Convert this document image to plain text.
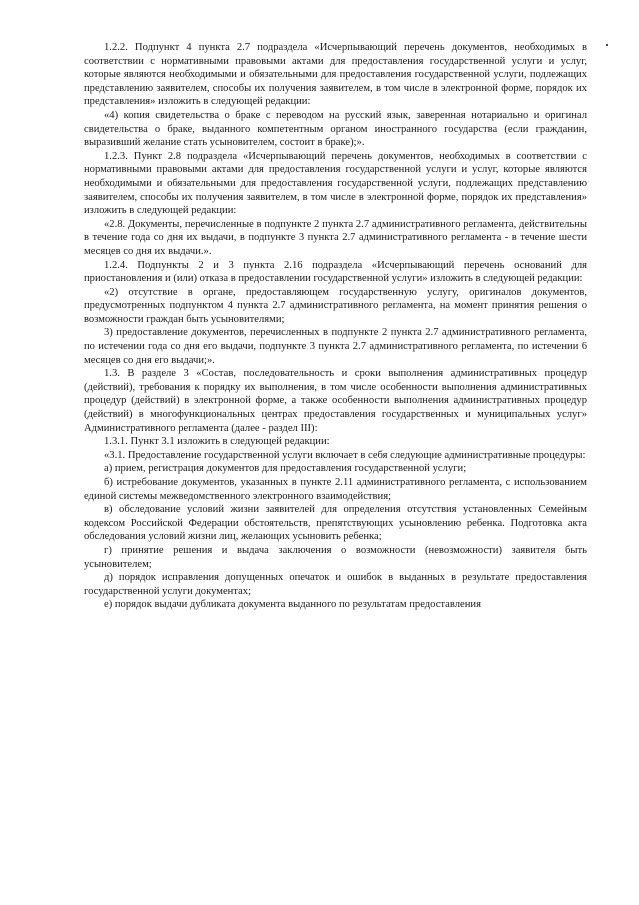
1.2.2. Подпункт 4 пункта 2.7 подраздела «Исчерпывающий перечень документов, необходимых в соответствии с нормативными правовыми актами для предоставления государственной услуги и услуг, которые являются необходимыми и обязательными для предоставления государственной услуги, подлежащих представлению заявителем, способы их получения заявителем, в том числе в электронной форме, порядок их представления» изложить в следующей редакции:

«4) копия свидетельства о браке с переводом на русский язык, заверенная нотариально и оригинал свидетельства о браке, выданного компетентным органом иностранного государства (если гражданин, выразивший желание стать усыновителем, состоит в браке);».

1.2.3. Пункт 2.8 подраздела «Исчерпывающий перечень документов, необходимых в соответствии с нормативными правовыми актами для предоставления государственной услуги и услуг, которые являются необходимыми и обязательными для предоставления государственной услуги, подлежащих представлению заявителем, способы их получения заявителем, в том числе в электронной форме, порядок их представления» изложить в следующей редакции:

«2.8. Документы, перечисленные в подпункте 2 пункта 2.7 административного регламента, действительны в течение года со дня их выдачи, в подпункте 3 пункта 2.7 административного регламента - в течение шести месяцев со дня их выдачи.».

1.2.4. Подпункты 2 и 3 пункта 2.16 подраздела «Исчерпывающий перечень оснований для приостановления и (или) отказа в предоставлении государственной услуги» изложить в следующей редакции:

«2) отсутствие в органе, предоставляющем государственную услугу, оригиналов документов, предусмотренных подпунктом 4 пункта 2.7 административного регламента, на момент принятия решения о возможности граждан быть усыновителями;

3) предоставление документов, перечисленных в подпункте 2 пункта 2.7 административного регламента, по истечении года со дня его выдачи, подпункте 3 пункта 2.7 административного регламента, по истечении 6 месяцев со дня его выдачи;».

1.3. В разделе 3 «Состав, последовательность и сроки выполнения административных процедур (действий), требования к порядку их выполнения, в том числе особенности выполнения административных процедур (действий) в электронной форме, а также особенности выполнения административных процедур (действий) в многофункциональных центрах предоставления государственных и муниципальных услуг» Административного регламента (далее - раздел III):

1.3.1. Пункт 3.1 изложить в следующей редакции:

«3.1. Предоставление государственной услуги включает в себя следующие административные процедуры:

а) прием, регистрация документов для предоставления государственной услуги;

б) истребование документов, указанных в пункте 2.11 административного регламента, с использованием единой системы межведомственного электронного взаимодействия;

в) обследование условий жизни заявителей для определения отсутствия установленных Семейным кодексом Российской Федерации обстоятельств, препятствующих усыновлению ребенка. Подготовка акта обследования условий жизни лиц, желающих усыновить ребенка;

г) принятие решения и выдача заключения о возможности (невозможности) заявителя быть усыновителем;

д) порядок исправления допущенных опечаток и ошибок в выданных в результате предоставления государственной услуги документах;

е) порядок выдачи дубликата документа выданного по результатам предоставления
